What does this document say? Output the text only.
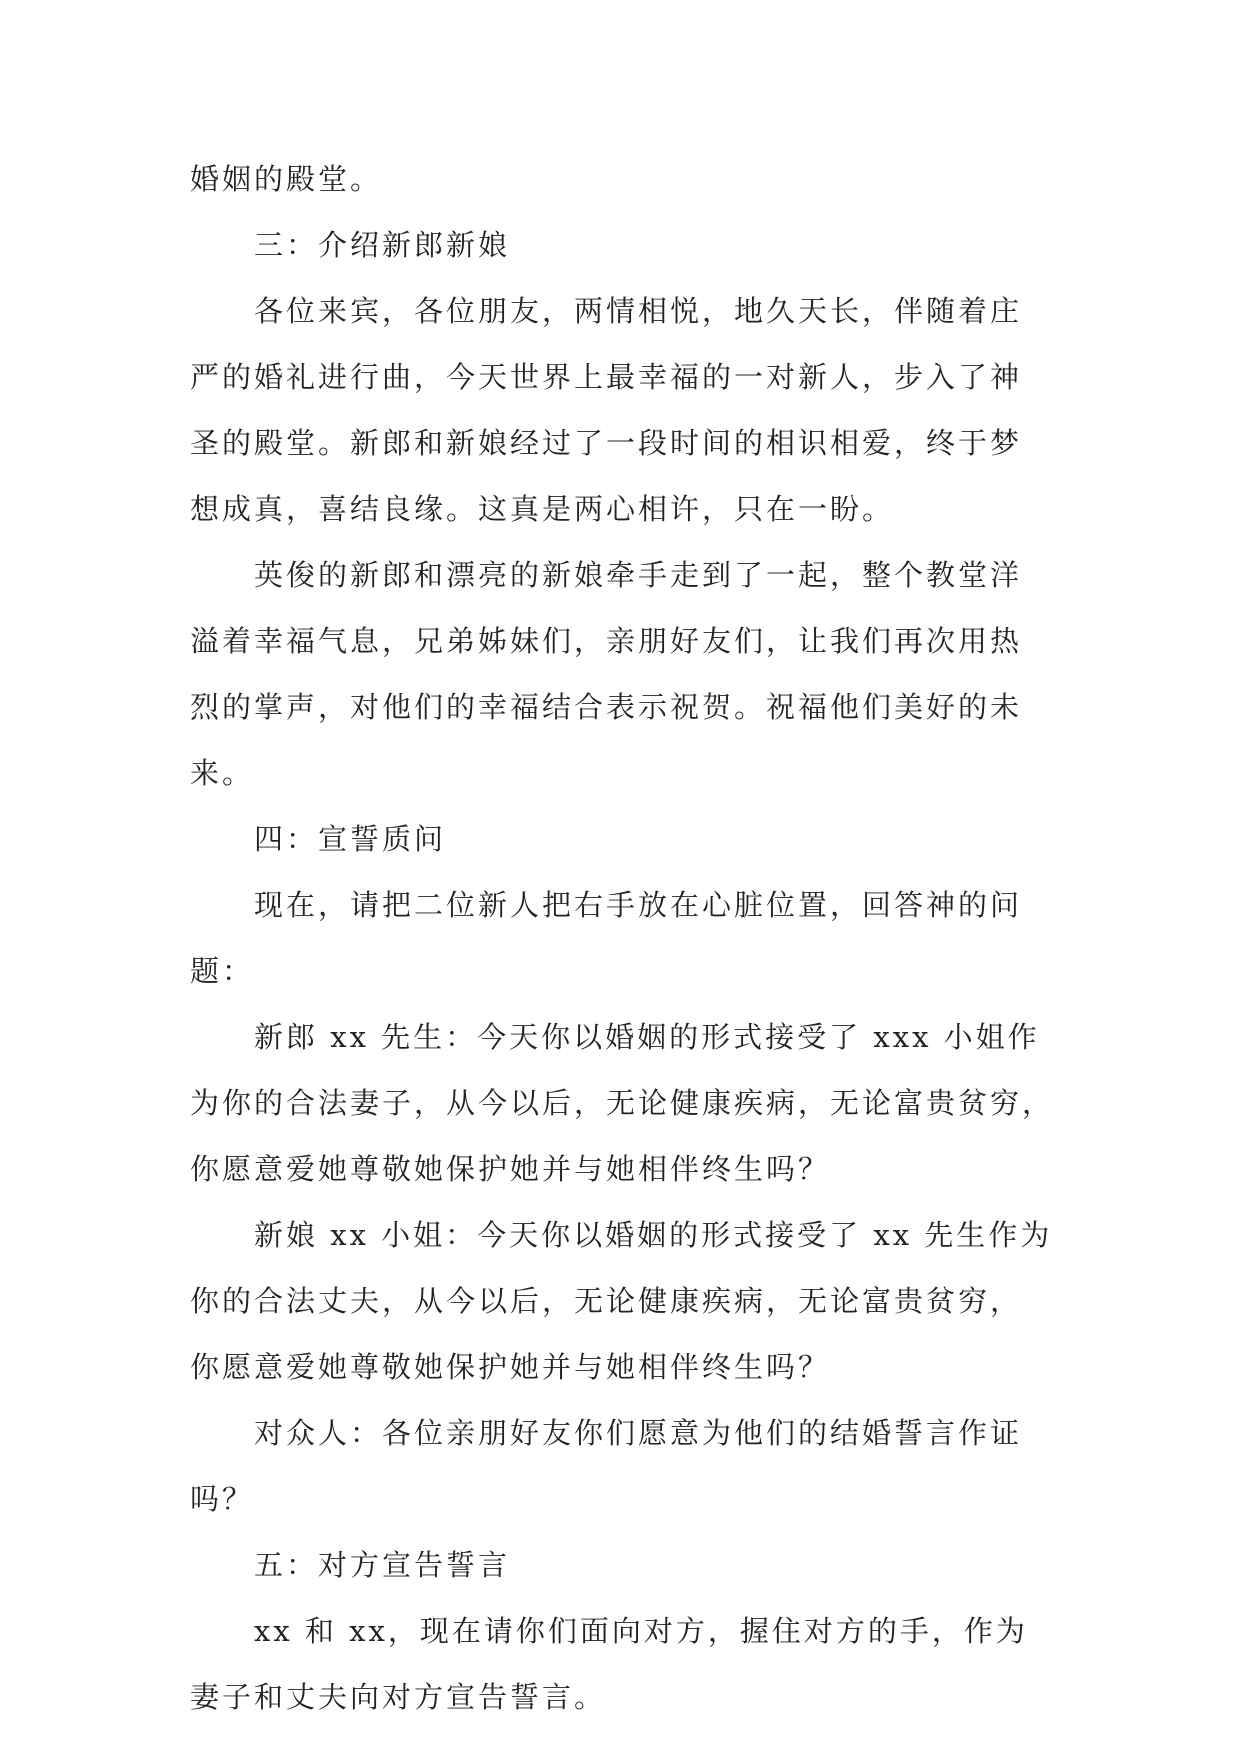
婚姻的殿堂。
三：介绍新郎新娘
各位来宾，各位朋友，两情相悦，地久天长，伴随着庄
严的婚礼进行曲，今天世界上最幸福的一对新人，步入了神
圣的殿堂。新郎和新娘经过了一段时间的相识相爱，终于梦
想成真，喜结良缘。这真是两心相许，只在一盼。
英俊的新郎和漂亮的新娘牵手走到了一起，整个教堂洋
溢着幸福气息，兄弟姊妹们，亲朋好友们，让我们再次用热
烈的掌声，对他们的幸福结合表示祝贺。祝福他们美好的未
来。
四：宣誓质问
现在，请把二位新人把右手放在心脏位置，回答神的问
题：
新郎 xx 先生：今天你以婚姻的形式接受了 xxx 小姐作
为你的合法妻子，从今以后，无论健康疾病，无论富贵贫穷，
你愿意爱她尊敬她保护她并与她相伴终生吗？
新娘 xx 小姐：今天你以婚姻的形式接受了 xx 先生作为
你的合法丈夫，从今以后，无论健康疾病，无论富贵贫穷，
你愿意爱她尊敬她保护她并与她相伴终生吗？
对众人：各位亲朋好友你们愿意为他们的结婚誓言作证
吗？
五：对方宣告誓言
xx 和 xx，现在请你们面向对方，握住对方的手，作为
妻子和丈夫向对方宣告誓言。
